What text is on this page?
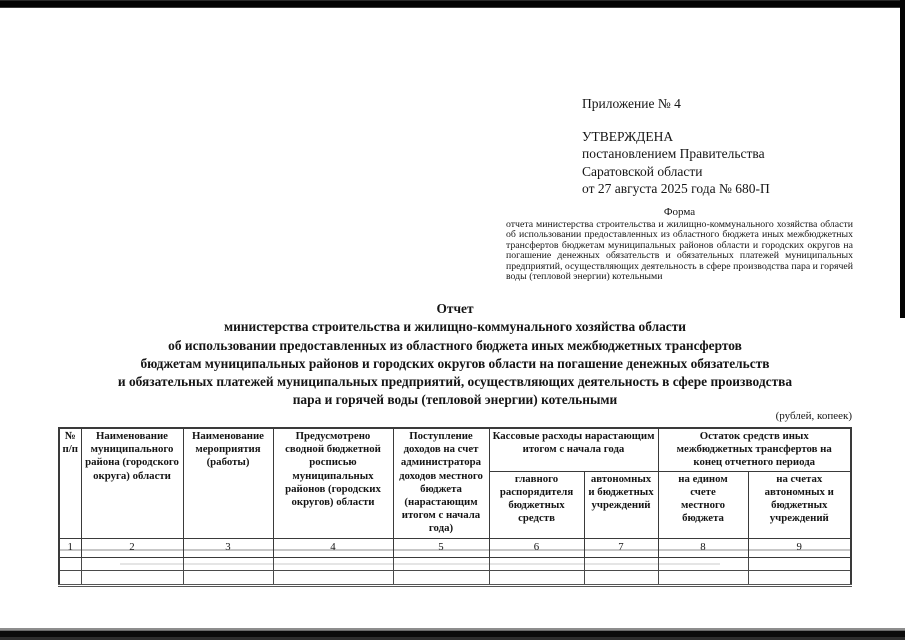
Приложение № 4
УТВЕРЖДЕНА
постановлением Правительства
Саратовской области
от 27 августа 2025 года № 680-П
Форма
отчета министерства строительства и жилищно-коммунального хозяйства области об использовании предоставленных из областного бюджета иных межбюджетных трансфертов бюджетам муниципальных районов области и городских округов на погашение денежных обязательств и обязательных платежей муниципальных предприятий, осуществляющих деятельность в сфере производства пара и горячей воды (тепловой энергии) котельными
Отчет
министерства строительства и жилищно-коммунального хозяйства области
об использовании предоставленных из областного бюджета иных межбюджетных трансфертов
бюджетам муниципальных районов и городских округов области на погашение денежных обязательств
и обязательных платежей муниципальных предприятий, осуществляющих деятельность в сфере производства
пара и горячей воды (тепловой энергии) котельными
(рублей, копеек)
№ п/п	Наименование муниципального района (городского округа) области	Наименование мероприятия (работы)	Предусмотрено сводной бюджетной росписью муниципальных районов (городских округов) области	Поступление доходов на счет администратора доходов местного бюджета (нарастающим итогом с начала года)	Кассовые расходы нарастающим итогом с начала года		Остаток средств иных межбюджетных трансфертов на конец отчетного периода	
					главного распорядителя бюджетных средств	автономных и бюджетных учреждений	на едином счете местного бюджета	на счетах автономных и бюджетных учреждений
1	2	3	4	5	6	7	8	9
